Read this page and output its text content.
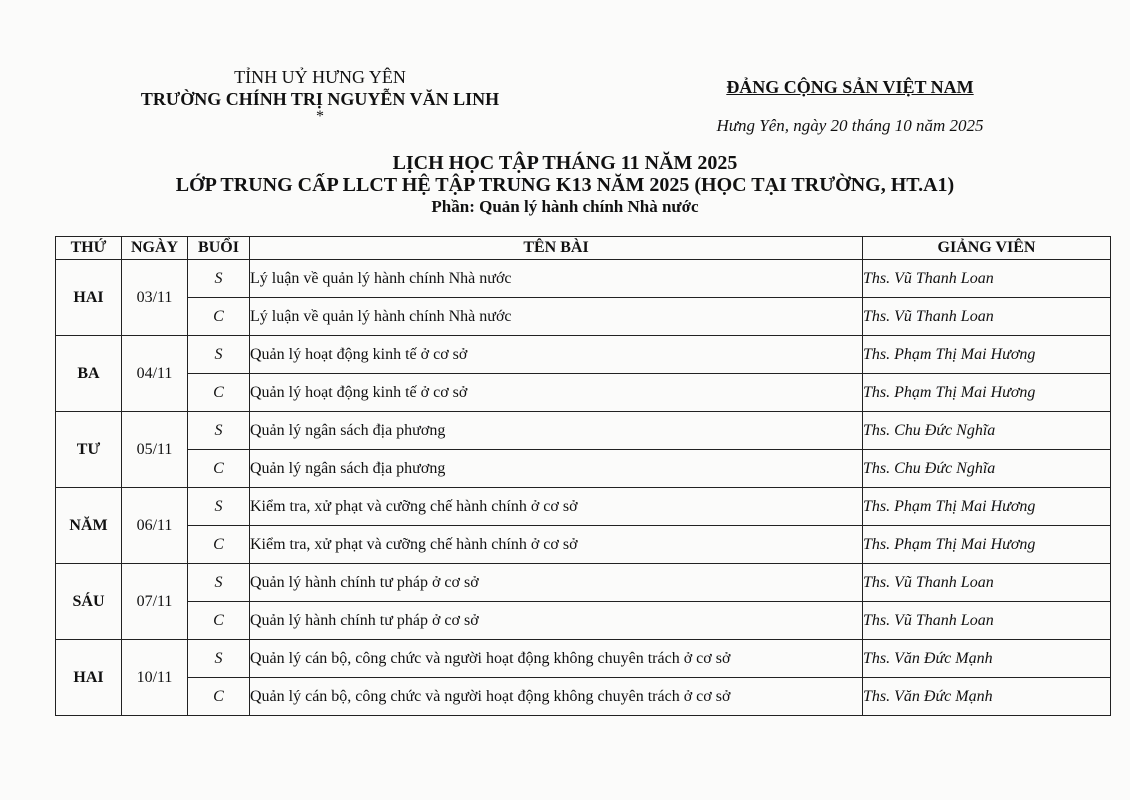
TỈNH UỶ HƯNG YÊN
TRƯỜNG CHÍNH TRỊ NGUYỄN VĂN LINH
*
ĐẢNG CỘNG SẢN VIỆT NAM
Hưng Yên, ngày 20 tháng 10 năm 2025
LỊCH HỌC TẬP THÁNG 11 NĂM 2025
LỚP TRUNG CẤP LLCT HỆ TẬP TRUNG K13 NĂM 2025 (HỌC TẠI TRƯỜNG, HT.A1)
Phần: Quản lý hành chính Nhà nước
THỨ	NGÀY	BUỔI	TÊN BÀI	GIẢNG VIÊN
HAI	03/11	S	Lý luận về quản lý hành chính Nhà nước	Ths. Vũ Thanh Loan
		C	Lý luận về quản lý hành chính Nhà nước	Ths. Vũ Thanh Loan
BA	04/11	S	Quản lý hoạt động kinh tế ở cơ sở	Ths. Phạm Thị Mai Hương
		C	Quản lý hoạt động kinh tế ở cơ sở	Ths. Phạm Thị Mai Hương
TƯ	05/11	S	Quản lý ngân sách địa phương	Ths. Chu Đức Nghĩa
		C	Quản lý ngân sách địa phương	Ths. Chu Đức Nghĩa
NĂM	06/11	S	Kiểm tra, xử phạt và cưỡng chế hành chính ở cơ sở	Ths. Phạm Thị Mai Hương
		C	Kiểm tra, xử phạt và cưỡng chế hành chính ở cơ sở	Ths. Phạm Thị Mai Hương
SÁU	07/11	S	Quản lý hành chính tư pháp ở cơ sở	Ths. Vũ Thanh Loan
		C	Quản lý hành chính tư pháp ở cơ sở	Ths. Vũ Thanh Loan
HAI	10/11	S	Quản lý cán bộ, công chức và người hoạt động không chuyên trách ở cơ sở	Ths. Văn Đức Mạnh
		C	Quản lý cán bộ, công chức và người hoạt động không chuyên trách ở cơ sở	Ths. Văn Đức Mạnh
